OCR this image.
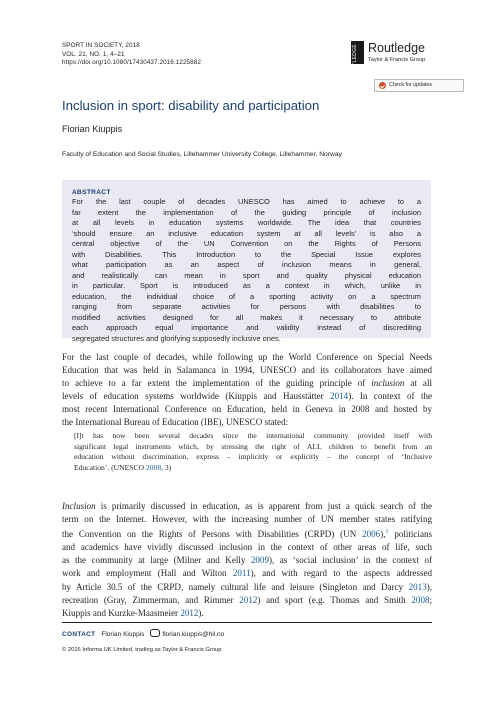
SPORT IN SOCIETY, 2018
VOL. 21, NO. 1, 4–21
https://doi.org/10.1080/17430437.2016.1225882	ROUTLEDGE Routledge
Taylor & Francis Group
Check for updates
Inclusion in sport: disability and participation
Florian Kiuppis
Faculty of Education and Social Studies, Lillehammer University College, Lillehammer, Norway
ABSTRACT
For the last couple of decades UNESCO has aimed to achieve to a
far extent the implementation of the guiding principle of inclusion
at all levels in education systems worldwide. The idea that countries
‘should ensure an inclusive education system at all levels’ is also a
central objective of the UN Convention on the Rights of Persons
with Disabilities. This Introduction to the Special Issue explores
what participation as an aspect of inclusion means in general,
and realistically can mean in sport and quality physical education
in particular. Sport is introduced as a context in which, unlike in
education, the individual choice of a sporting activity on a spectrum
ranging from separate activities for persons with disabilities to
modified activities designed for all makes it necessary to attribute
each approach equal importance and validity instead of discrediting
segregated structures and glorifying supposedly inclusive ones.
For the last couple of decades, while following up the World Conference on Special Needs
Education that was held in Salamanca in 1994, UNESCO and its collaborators have aimed
to achieve to a far extent the implementation of the guiding principle of inclusion at all
levels of education systems worldwide (Kiuppis and Hausstätter 2014). In context of the
most recent International Conference on Education, held in Geneva in 2008 and hosted by
the International Bureau of Education (IBE), UNESCO stated:
[I]t has now been several decades since the international community provided itself with
significant legal instruments which, by stressing the right of ALL children to benefit from an
education without discrimination, express – implicitly or explicitly – the concept of ‘Inclusive
Education’. (UNESCO 2008, 3)
Inclusion is primarily discussed in education, as is apparent from just a quick search of the
term on the Internet. However, with the increasing number of UN member states ratifying
the Convention on the Rights of Persons with Disabilities (CRPD) (UN 2006),$^1$ politicians
and academics have vividly discussed inclusion in the context of other areas of life, such
as the community at large (Milner and Kelly 2009), as ‘social inclusion’ in the context of
work and employment (Hall and Wilton 2011), and with regard to the aspects addressed
by Article 30.5 of the CRPD, namely cultural life and leisure (Singleton and Darcy 2013),
recreation (Gray, Zimmerman, and Rimmer 2012) and sport (e.g. Thomas and Smith 2008;
Kiuppis and Kurzke-Maasmeier 2012).
CONTACT Florian Kiuppis	florian.kiuppis@hil.no
© 2016 Informa UK Limited, trading as Taylor & Francis Group
